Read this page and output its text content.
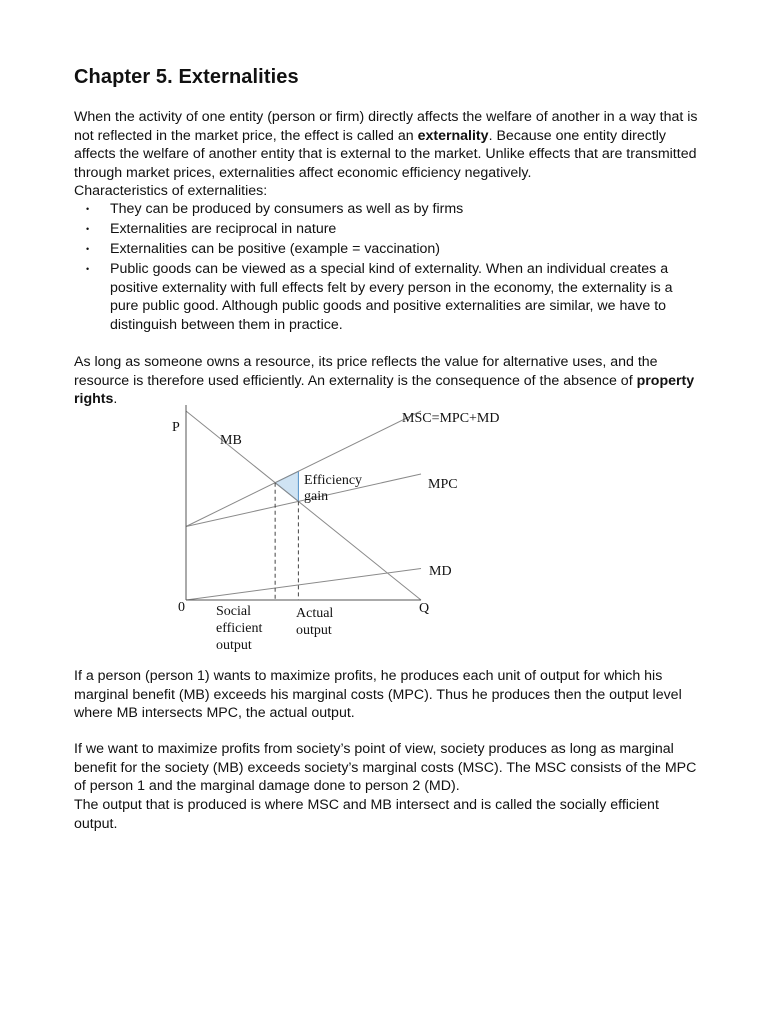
Chapter 5. Externalities

When the activity of one entity (person or firm) directly affects the welfare of another in a way that is not reflected in the market price, the effect is called an externality. Because one entity directly affects the welfare of another entity that is external to the market. Unlike effects that are transmitted through market prices, externalities affect economic efficiency negatively.
Characteristics of externalities:

• They can be produced by consumers as well as by firms
• Externalities are reciprocal in nature
• Externalities can be positive (example = vaccination)
• Public goods can be viewed as a special kind of externality. When an individual creates a positive externality with full effects felt by every person in the economy, the externality is a pure public good. Although public goods and positive externalities are similar, we have to distinguish between them in practice.

As long as someone owns a resource, its price reflects the value for alternative uses, and the resource is therefore used efficiently. An externality is the consequence of the absence of property rights.

P
0	Q
MB
MSC=MPC+MD
MPC
MD
Efficiency
gain
Social
efficient
output
Actual
output

If a person (person 1) wants to maximize profits, he produces each unit of output for which his marginal benefit (MB) exceeds his marginal costs (MPC). Thus he produces then the output level where MB intersects MPC, the actual output.

If we want to maximize profits from society’s point of view, society produces as long as marginal benefit for the society (MB) exceeds society’s marginal costs (MSC). The MSC consists of the MPC of person 1 and the marginal damage done to person 2 (MD).

The output that is produced is where MSC and MB intersect and is called the socially efficient output.
